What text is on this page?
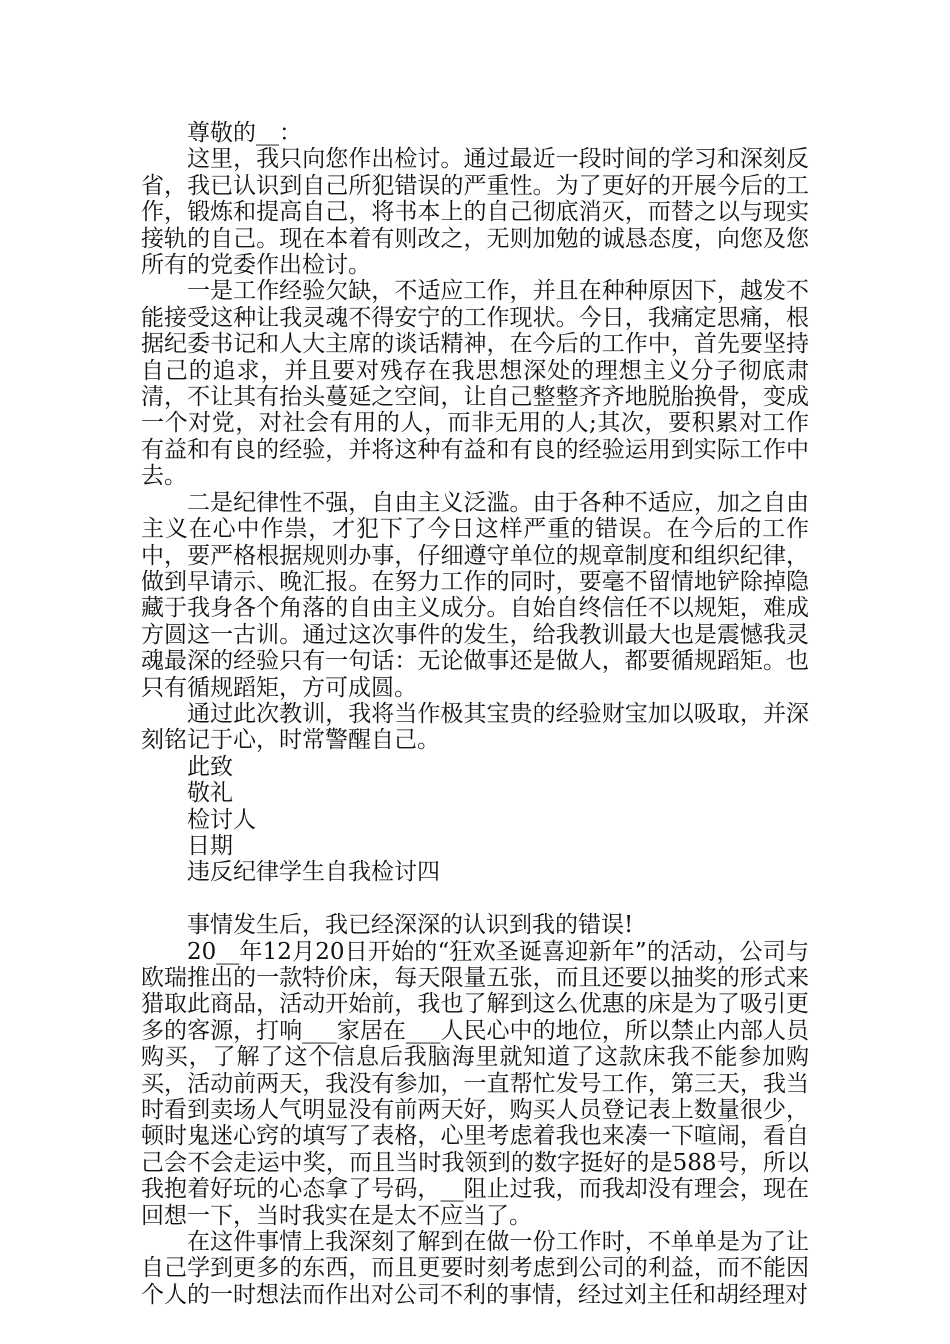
尊敬的__：

这里，我只向您作出检讨。通过最近一段时间的学习和深刻反省，我已认识到自己所犯错误的严重性。为了更好的开展今后的工作，锻炼和提高自己，将书本上的自己彻底消灭，而替之以与现实接轨的自己。现在本着有则改之，无则加勉的诚恳态度，向您及您所有的党委作出检讨。

一是工作经验欠缺，不适应工作，并且在种种原因下，越发不能接受这种让我灵魂不得安宁的工作现状。今日，我痛定思痛，根据纪委书记和人大主席的谈话精神，在今后的工作中，首先要坚持自己的追求，并且要对残存在我思想深处的理想主义分子彻底肃清，不让其有抬头蔓延之空间，让自己整整齐齐地脱胎换骨，变成一个对党，对社会有用的人，而非无用的人;其次，要积累对工作有益和有良的经验，并将这种有益和有良的经验运用到实际工作中去。

二是纪律性不强，自由主义泛滥。由于各种不适应，加之自由主义在心中作祟，才犯下了今日这样严重的错误。在今后的工作中，要严格根据规则办事，仔细遵守单位的规章制度和组织纪律，做到早请示、晚汇报。在努力工作的同时，要毫不留情地铲除掉隐藏于我身各个角落的自由主义成分。自始自终信任不以规矩，难成方圆这一古训。通过这次事件的发生，给我教训最大也是震憾我灵魂最深的经验只有一句话：无论做事还是做人，都要循规蹈矩。也只有循规蹈矩，方可成圆。

通过此次教训，我将当作极其宝贵的经验财宝加以吸取，并深刻铭记于心，时常警醒自己。

此致

敬礼

检讨人

日期

违反纪律学生自我检讨四

事情发生后，我已经深深的认识到我的错误!

20__年12月20日开始的“狂欢圣诞喜迎新年”的活动，公司与欧瑞推出的一款特价床，每天限量五张，而且还要以抽奖的形式来猎取此商品，活动开始前，我也了解到这么优惠的床是为了吸引更多的客源，打响___家居在___人民心中的地位，所以禁止内部人员购买，了解了这个信息后我脑海里就知道了这款床我不能参加购买，活动前两天，我没有参加，一直帮忙发号工作，第三天，我当时看到卖场人气明显没有前两天好，购买人员登记表上数量很少，顿时鬼迷心窍的填写了表格，心里考虑着我也来凑一下喧闹，看自己会不会走运中奖，而且当时我领到的数字挺好的是588号，所以我抱着好玩的心态拿了号码，__阻止过我，而我却没有理会，现在回想一下，当时我实在是太不应当了。

在这件事情上我深刻了解到在做一份工作时，不单单是为了让自己学到更多的东西，而且更要时刻考虑到公司的利益，而不能因个人的一时想法而作出对公司不利的事情，经过刘主任和胡经理对
